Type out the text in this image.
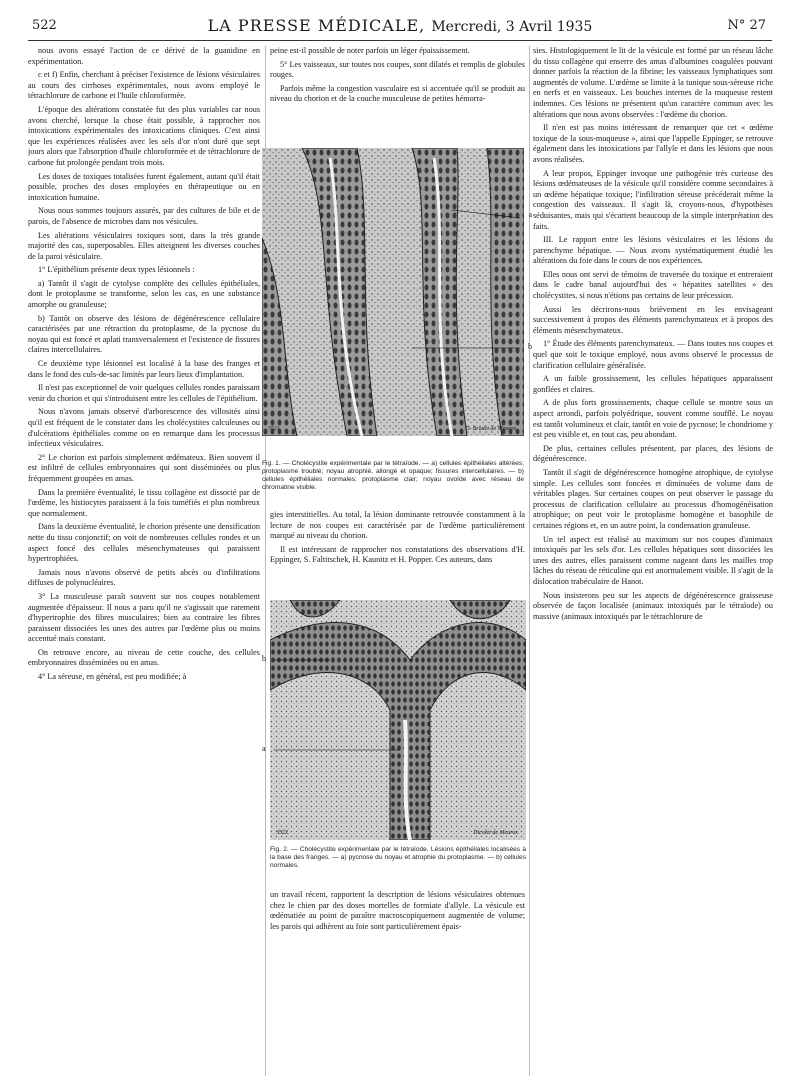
522	LA PRESSE MÉDICALE, Mercredi, 3 Avril 1935	N° 27

nous avons essayé l'action de ce dérivé de la guanidine en expérimentation.

c et f) Enfin, cherchant à préciser l'existence de lésions vésiculaires au cours des cirrhoses expérimentales, nous avons employé le tétrachlorure de carbone et l'huile chloroformée.

L'époque des altérations constatée fut des plus variables car nous avons cherché, lorsque la chose était possible, à rapprocher nos intoxications expérimentales des intoxications cliniques. C'est ainsi que les expériences réalisées avec les sels d'or n'ont duré que sept jours alors que l'absorption d'huile chloroformée et de tétrachlorure de carbone fut prolongée pendant trois mois.

Les doses de toxiques totalisées furent également, autant qu'il était possible, proches des doses employées en thérapeutique ou en intoxication humaine.

Nous nous sommes toujours assurés, par des cultures de bile et de parois, de l'absence de microbes dans nos vésicules.

Les altérations vésiculaires toxiques sont, dans la très grande majorité des cas, superposables. Elles atteignent les diverses couches de la paroi vésiculaire.

1° L'épithélium présente deux types lésionnels :

a) Tantôt il s'agit de cytolyse complète des cellules épithéliales, dont le protoplasme se transforme, selon les cas, en une substance amorphe ou granuleuse;

b) Tantôt on observe des lésions de dégénérescence cellulaire caractérisées par une rétraction du protoplasme, de la pycnose du noyau qui est foncé et aplati transversalement et l'existence de fissures claires intercellulaires.

Ce deuxième type lésionnel est localisé à la base des franges et dans le fond des culs-de-sac limités par leurs lieux d'implantation.

Il n'est pas exceptionnel de voir quelques cellules rondes paraissant venir du chorion et qui s'introduisent entre les cellules de l'épithélium.

Nous n'avons jamais observé d'arborescence des villosités ainsi qu'il est fréquent de le constater dans les cholécystites calculeuses ou d'ulcérations épithéliales comme on en remarque dans les processus infectieux vésiculaires.

2° Le chorion est parfois simplement œdémateux. Bien souvent il est infiltré de cellules embryonnaires qui sont disséminées ou plus fréquemment groupées en amas.

Dans la première éventualité, le tissu collagène est dissocié par de l'œdème, les histiocytes paraissent à la fois tuméfiés et plus nombreux que normalement.

Dans la deuxième éventualité, le chorion présente une densification nette du tissu conjonctif; on voit de nombreuses cellules rondes et un aspect foncé des cellules mésenchymateuses qui paraissent hypertrophiées.

Jamais nous n'avons observé de petits abcès ou d'infiltrations diffuses de polynucléaires.

3° La musculeuse paraît souvent sur nos coupes notablement augmentée d'épaisseur. Il nous a paru qu'il ne s'agissait que rarement d'hypertrophie des fibres musculaires; bien au contraire les fibres paraissent dissociées les unes des autres par l'œdème plus ou moins accentué mais constant.

On retrouve encore, au niveau de cette couche, des cellules embryonnaires disséminées ou en amas.

4° La séreuse, en général, est peu modifiée; à

peine est-il possible de noter parfois un léger épaississement.

5° Les vaisseaux, sur toutes nos coupes, sont dilatés et remplis de globules rouges.

Parfois même la congestion vasculaire est si accentuée qu'il se produit au niveau du chorion et de la couche musculeuse de petites hémorra-

a
b
3521	D. Bradet de Meurox
Fig. 1. — Cholécystite expérimentale par le tétraïode. — a) cellules épithéliales altérées; protoplasme troublé; noyau atrophié, allongé et opaque; fissures intercellulaires. — b) cellules épithéliales normales; protoplasme clair; noyau ovoïde avec réseau de chromatine visible.

gies interstitielles. Au total, la lésion dominante retrouvée constamment à la lecture de nos coupes est caractérisée par de l'œdème particulièrement marqué au niveau du chorion.

Il est intéressant de rapprocher nos constatations des observations d'H. Eppinger, S. Faltitschek, H. Kaunitz et H. Popper. Ces auteurs, dans

b
a
3522	Dicolet de Meurox
Fig. 2. — Cholécystite expérimentale par le tétraïode. Lésions épithéliales localisées à la base des franges. — a) pycnose du noyau et atrophie du protoplasme. — b) cellules normales.

un travail récent, rapportent la description de lésions vésiculaires obtenues chez le chien par des doses mortelles de formiate d'allyle. La vésicule est œdématiée au point de paraître macroscopiquement augmentée de volume; les parois qui adhèrent au foie sont particulièrement épais-

sies. Histologiquement le lit de la vésicule est formé par un réseau lâche du tissu collagène qui enserre des amas d'albumines coagulées pouvant donner parfois la réaction de la fibrine; les vaisseaux lymphatiques sont augmentés de volume. L'œdème se limite à la tunique sous-séreuse riche en nerfs et en vaisseaux. Les bouches internes de la muqueuse restent indemnes. Ces lésions ne présentent qu'un caractère commun avec les altérations que nous avons observées : l'œdème du chorion.

Il n'en est pas moins intéressant de remarquer que cet « œdème toxique de la sous-muqueuse », ainsi que l'appelle Eppinger, se retrouve également dans les intoxications par l'allyle et dans les lésions que nous avons réalisées.

A leur propos, Eppinger invoque une pathogénie très curieuse des lésions œdémateuses de la vésicule qu'il considère comme secondaires à un œdème hépatique toxique; l'infiltration séreuse précéderait même la congestion des vaisseaux. Il s'agit là, croyons-nous, d'hypothèses séduisantes, mais qui s'écartent beaucoup de la simple interprétation des faits.

III. Le rapport entre les lésions vésiculaires et les lésions du parenchyme hépatique. — Nous avons systématiquement étudié les altérations du foie dans le cours de nos expériences.

Elles nous ont servi de témoins de traversée du toxique et entreraient dans le cadre banal aujourd'hui des « hépatites satellites » des cholécystites, si nous n'étions pas certains de leur précession.

Aussi les décrirons-nous brièvement en les envisageant successivement à propos des éléments parenchymateux et à propos des éléments mésenchymateux.

1° Étude des éléments parenchymateux. — Dans toutes nos coupes et quel que soit le toxique employé, nous avons observé le processus de clarification cellulaire généralisée.

A un faible grossissement, les cellules hépatiques apparaissent gonflées et claires.

A de plus forts grossissements, chaque cellule se montre sous un aspect arrondi, parfois polyédrique, souvent comme soufflé. Le noyau est tantôt volumineux et clair, tantôt en voie de pycnose; le chondriome y est peu visible et, en tout cas, peu abondant.

De plus, certaines cellules présentent, par places, des lésions de dégénérescence.

Tantôt il s'agit de dégénérescence homogène atrophique, de cytolyse simple. Les cellules sont foncées et diminuées de volume dans de véritables plages. Sur certaines coupes on peut observer le passage du processus de clarification cellulaire au processus d'homogénéisation atrophique; on peut voir le protoplasme homogène et basophile de certaines régions et, en un autre point, la condensation granuleuse.

Un tel aspect est réalisé au maximum sur nos coupes d'animaux intoxiqués par les sels d'or. Les cellules hépatiques sont dissociées les unes des autres, elles paraissent comme nageant dans les mailles trop lâches du réseau de réticuline qui est anormalement visible. Il s'agit de la dislocation trabéculaire de Hanot.

Nous insisterons peu sur les aspects de dégénérescence graisseuse observée de façon localisée (animaux intoxiqués par le tétraïode) ou massive (animaux intoxiqués par le tétrachlorure de
